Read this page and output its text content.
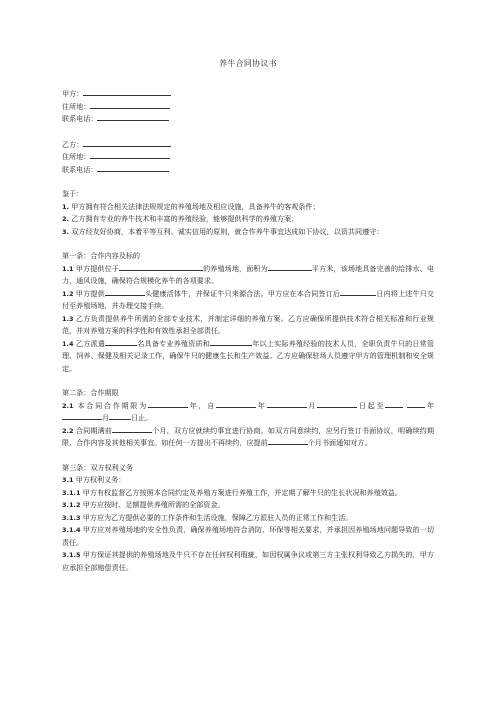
养牛合同协议书
甲方：
住所地：
联系电话：
乙方：
住所地：
联系电话：

鉴于：

1. 甲方拥有符合相关法律法规规定的养殖场地及相应设施，具备养牛的客观条件；

2. 乙方拥有专业的养牛技术和丰富的养殖经验，能够提供科学的养殖方案；

3. 双方经友好协商，本着平等互利、诚实信用的原则，就合作养牛事宜达成如下协议，以资共同遵守：

第一条：合作内容及标的

1.1 甲方提供位于	的养殖场地，面积为	平方米，该场地具备完善的给排水、电力、通风设施，确保符合规模化养牛的各项要求。

1.2 甲方提供	头健康活体牛，并保证牛只来源合法。甲方应在本合同签订后	日内将上述牛只交付至养殖场地，并办理交接手续。

1.3 乙方负责提供养牛所需的全部专业技术，并制定详细的养殖方案。乙方应确保所提供技术符合相关标准和行业规范，并对养殖方案的科学性和有效性承担全部责任。

1.4 乙方派遣	名具备专业养殖资质和	年以上实际养殖经验的技术人员，全职负责牛只的日常管理、饲养、保健及相关记录工作，确保牛只的健康生长和生产效益。乙方应确保驻场人员遵守甲方的管理机制和安全规定。

第二条：合作期限

2.1 本合同合作期限为	年，自	年	月	日起至	年月	日止。

2.2 合同期满前	个月，双方应就续约事宜进行协商。如双方同意续约，应另行签订书面协议，明确续约期限、合作内容及其他相关事宜。如任何一方提出不再续约，应提前	个月书面通知对方。

第三条：双方权利义务

3.1 甲方权利义务：

3.1.1 甲方有权监督乙方按照本合同约定及养殖方案进行养殖工作，并定期了解牛只的生长状况和养殖效益。

3.1.2 甲方应按时、足额提供养殖所需的全部资金。

3.1.3 甲方应为乙方提供必要的工作条件和生活设施，保障乙方派驻人员的正常工作和生活。

3.1.4 甲方应对养殖场地的安全性负责，确保养殖场地符合消防、环保等相关要求，并承担因养殖场地问题导致的一切责任。

3.1.5 甲方保证其提供的养殖场地及牛只不存在任何权利瑕疵，如因权属争议或第三方主张权利导致乙方损失的，甲方应承担全部赔偿责任。
